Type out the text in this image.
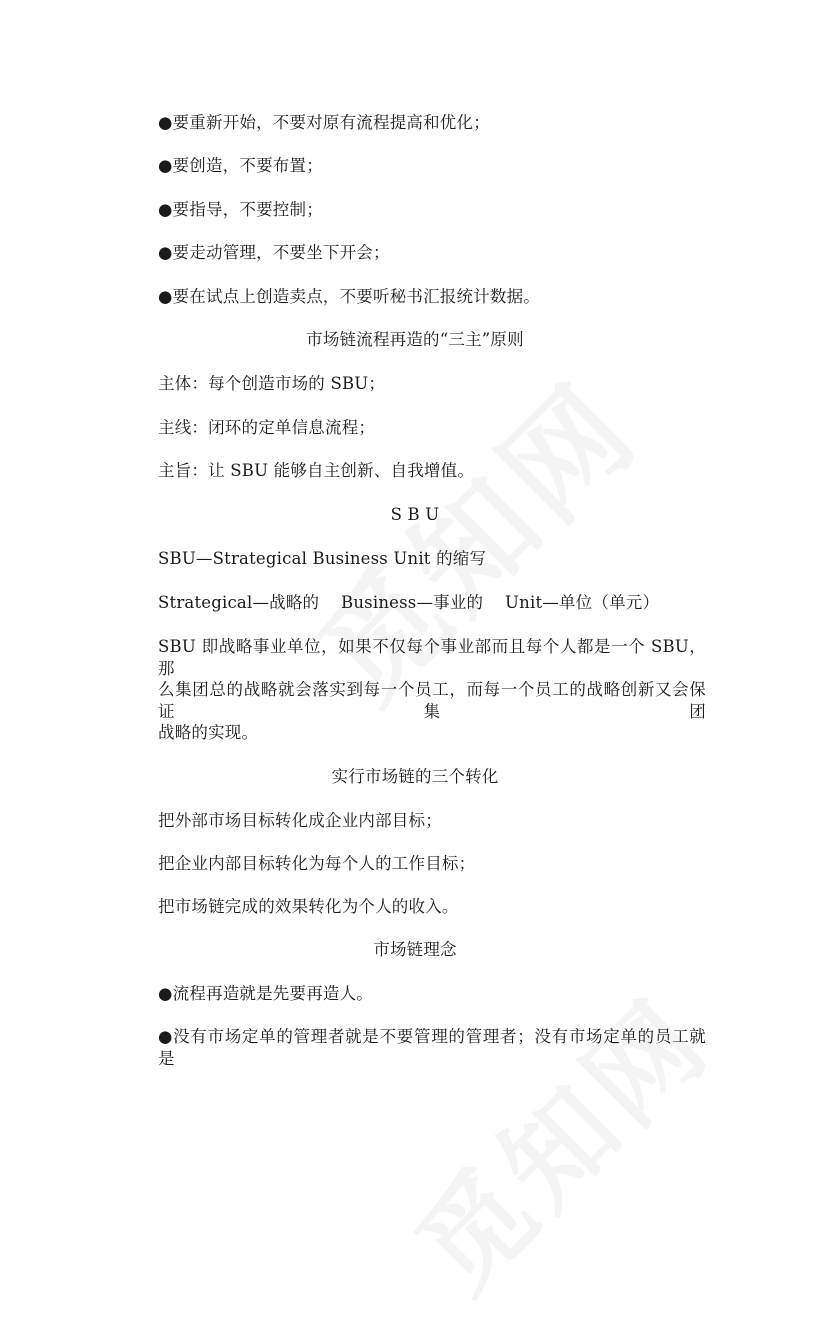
●要重新开始，不要对原有流程提高和优化；
●要创造，不要布置；
●要指导，不要控制；
●要走动管理，不要坐下开会；
●要在试点上创造卖点，不要听秘书汇报统计数据。
市场链流程再造的“三主”原则
主体：每个创造市场的 SBU；
主线：闭环的定单信息流程；
主旨：让 SBU 能够自主创新、自我增值。
S B U
SBU—Strategical Business Unit 的缩写
Strategical—战略的    Business—事业的    Unit—单位（单元）
SBU 即战略事业单位，如果不仅每个事业部而且每个人都是一个 SBU，那
么集团总的战略就会落实到每一个员工，而每一个员工的战略创新又会保证集团
战略的实现。
实行市场链的三个转化
把外部市场目标转化成企业内部目标；
把企业内部目标转化为每个人的工作目标；
把市场链完成的效果转化为个人的收入。
市场链理念
●流程再造就是先要再造人。
●没有市场定单的管理者就是不要管理的管理者；没有市场定单的员工就是
